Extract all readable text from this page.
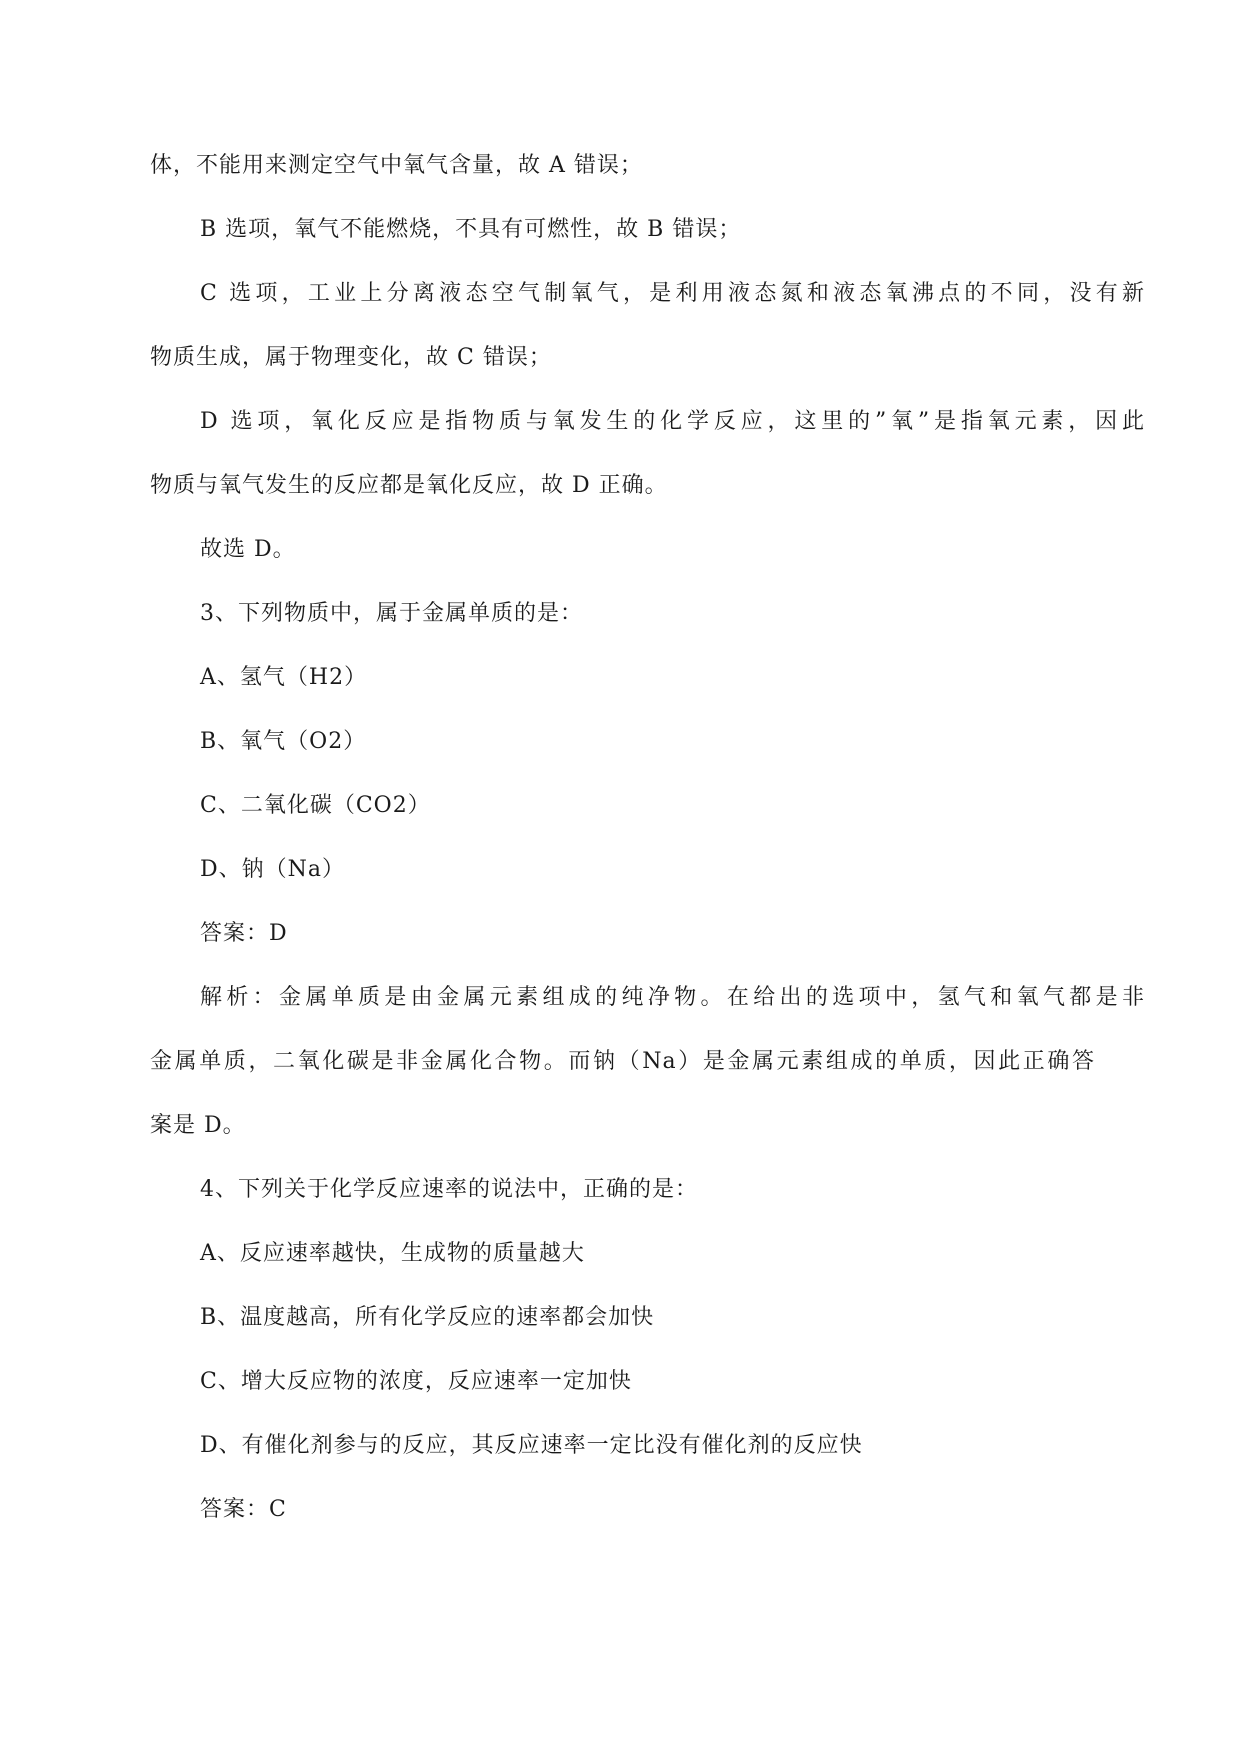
体，不能用来测定空气中氧气含量，故 A 错误；
B 选项，氧气不能燃烧，不具有可燃性，故 B 错误；
C 选项，工业上分离液态空气制氧气，是利用液态氮和液态氧沸点的不同，没有新
物质生成，属于物理变化，故 C 错误；
D 选项，氧化反应是指物质与氧发生的化学反应，这里的”氧”是指氧元素，因此
物质与氧气发生的反应都是氧化反应，故 D 正确。
故选 D。
3、下列物质中，属于金属单质的是：
A、氢气（H2）
B、氧气（O2）
C、二氧化碳（CO2）
D、钠（Na）
答案：D
解析：金属单质是由金属元素组成的纯净物。在给出的选项中，氢气和氧气都是非
金属单质，二氧化碳是非金属化合物。而钠（Na）是金属元素组成的单质，因此正确答
案是 D。
4、下列关于化学反应速率的说法中，正确的是：
A、反应速率越快，生成物的质量越大
B、温度越高，所有化学反应的速率都会加快
C、增大反应物的浓度，反应速率一定加快
D、有催化剂参与的反应，其反应速率一定比没有催化剂的反应快
答案：C
